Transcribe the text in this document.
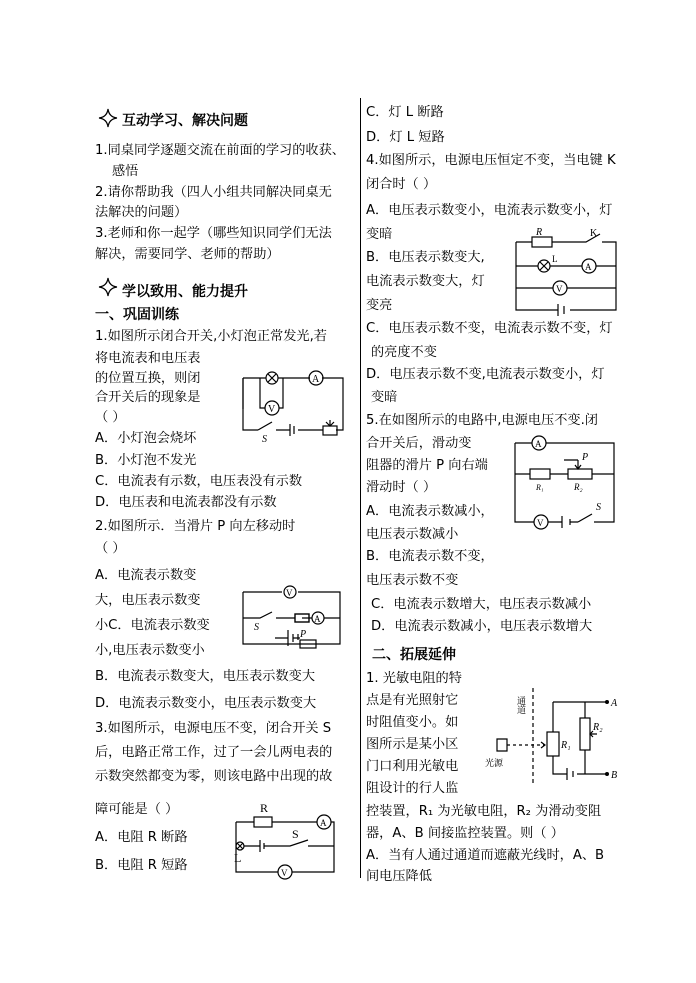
互动学习、解决问题
1.同桌同学逐题交流在前面的学习的收获、
感悟
2.请你帮助我（四人小组共同解决同桌无
法解决的问题）
3.老师和你一起学（哪些知识同学们无法
解决，需要同学、老师的帮助）
学以致用、能力提升
一、巩固训练
1.如图所示闭合开关,小灯泡正常发光,若
将电流表和电压表
的位置互换，则闭
合开关后的现象是
（ ）
A．小灯泡会烧坏
B．小灯泡不发光
C．电流表有示数，电压表没有示数
D．电压表和电流表都没有示数
A
V
S
2.如图所示．当滑片 P 向左移动时
（ ）
A．电流表示数变
大，电压表示数变
小C．电流表示数变
小,电压表示数变小
B．电流表示数变大，电压表示数变大
D．电流表示数变小，电压表示数变大
V
A
S
P
3.如图所示，电源电压不变，闭合开关 S
后，电路正常工作，过了一会儿两电表的
示数突然都变为零，则该电路中出现的故
障可能是（ ）
A．电阻 R 断路
B．电阻 R 短路
R
S
A
L
V
C．灯 L 断路
D．灯 L 短路
4.如图所示，电源电压恒定不变，当电键 K
闭合时（ ）
A．电压表示数变小，电流表示数变小，灯
变暗
B．电压表示数变大,
电流表示数变大，灯
变亮
C．电压表示数不变，电流表示数不变，灯
的亮度不变
D．电压表示数不变,电流表示数变小，灯
变暗
R	K
L
A
V
5.在如图所示的电路中,电源电压不变.闭
合开关后，滑动变
阻器的滑片 P 向右端
滑动时（ ）
A．电流表示数减小，
电压表示数减小
B．电流表示数不变，
电压表示数不变
C．电流表示数增大，电压表示数减小
D．电流表示数减小，电压表示数增大
A
P
R₁	R₂
V
S
二、拓展延伸
1. 光敏电阻的特
点是有光照射它
时阻值变小。如
图所示是某小区
门口利用光敏电
阻设计的行人监
控装置，R₁ 为光敏电阻，R₂ 为滑动变阻
器，A、B 间接监控装置。则（ ）
A．当有人通过通道而遮蔽光线时，A、B
间电压降低
通道
光源
R₁
R₂
A
B
